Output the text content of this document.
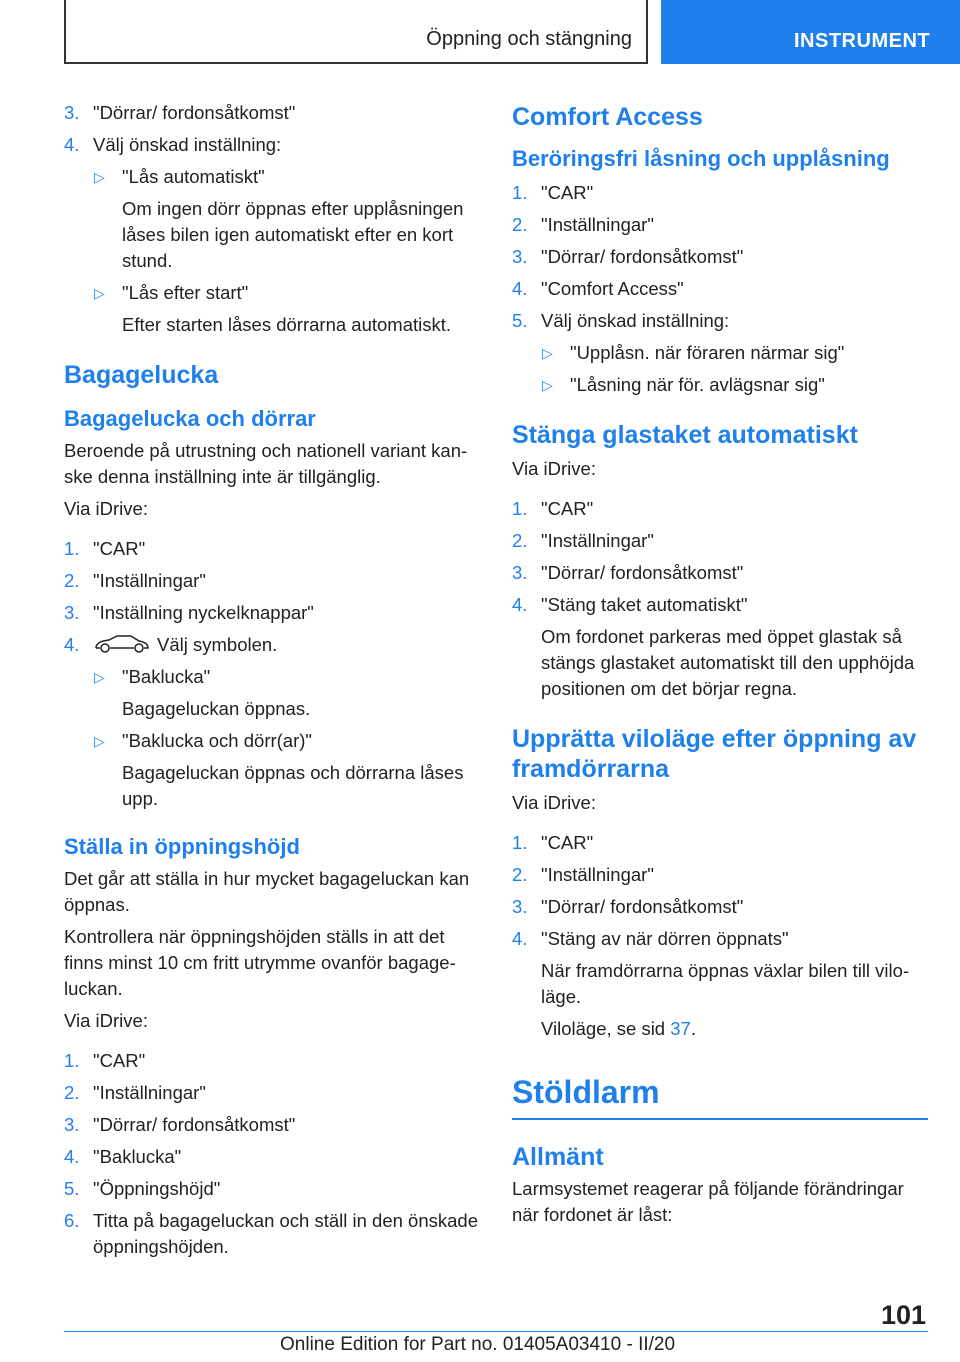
Öppning och stängning	INSTRUMENT
3. "Dörrar/ fordonsåtkomst"
4. Välj önskad inställning:
▷ "Lås automatiskt"
Om ingen dörr öppnas efter upplåsningen låses bilen igen automatiskt efter en kort stund.
▷ "Lås efter start"
Efter starten låses dörrarna automatiskt.
Bagagelucka
Bagagelucka och dörrar

Beroende på utrustning och nationell variant kanske denna inställning inte är tillgänglig.

Via iDrive:

1. "CAR"
2. "Inställningar"
3. "Inställning nyckelknappar"
4.	Välj symbolen.
▷ "Baklucka"
Bagageluckan öppnas.
▷ "Baklucka och dörr(ar)"
Bagageluckan öppnas och dörrarna låses upp.
Ställa in öppningshöjd

Det går att ställa in hur mycket bagageluckan kan öppnas.

Kontrollera när öppningshöjden ställs in att det finns minst 10 cm fritt utrymme ovanför bagageluckan.

Via iDrive:

1. "CAR"
2. "Inställningar"
3. "Dörrar/ fordonsåtkomst"
4. "Baklucka"
5. "Öppningshöjd"
6. Titta på bagageluckan och ställ in den önskade öppningshöjden.
Comfort Access
Beröringsfri låsning och upplåsning
1. "CAR"
2. "Inställningar"
3. "Dörrar/ fordonsåtkomst"
4. "Comfort Access"
5. Välj önskad inställning:
▷ "Upplåsn. när föraren närmar sig"
▷ "Låsning när för. avlägsnar sig"
Stänga glastaket automatiskt

Via iDrive:

1. "CAR"
2. "Inställningar"
3. "Dörrar/ fordonsåtkomst"
4. "Stäng taket automatiskt"
Om fordonet parkeras med öppet glastak så stängs glastaket automatiskt till den upphöjda positionen om det börjar regna.
Upprätta viloläge efter öppning av framdörrarna

Via iDrive:

1. "CAR"
2. "Inställningar"
3. "Dörrar/ fordonsåtkomst"
4. "Stäng av när dörren öppnats"
När framdörrarna öppnas växlar bilen till viloläge.
Viloläge, se sid 37.
Stöldlarm
Allmänt

Larmsystemet reagerar på följande förändringar när fordonet är låst:

101
Online Edition for Part no. 01405A03410 - II/20
